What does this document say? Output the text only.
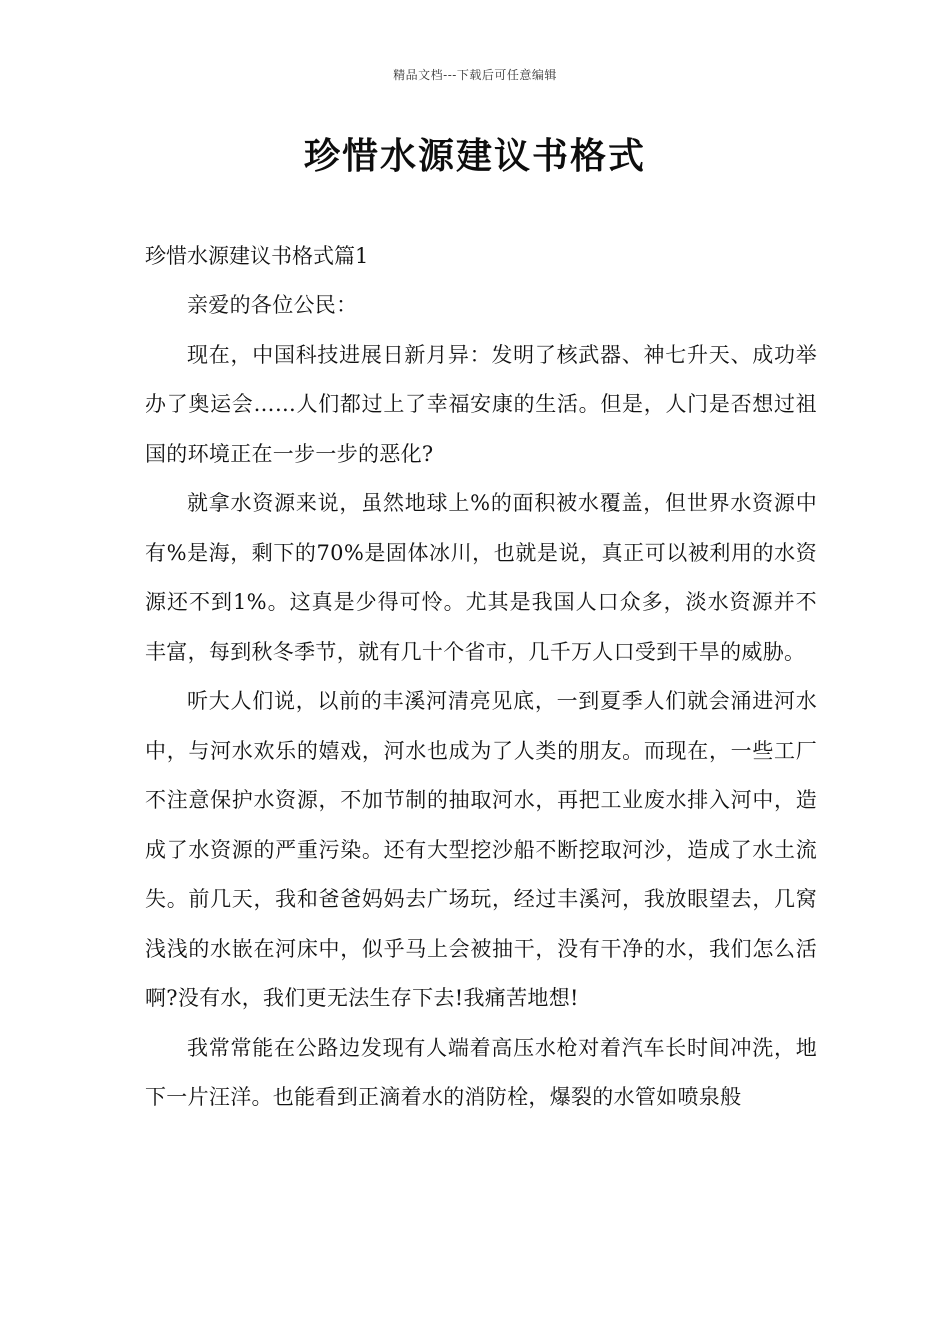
精品文档---下载后可任意编辑
珍惜水源建议书格式

珍惜水源建议书格式篇1

亲爱的各位公民：

现在，中国科技进展日新月异：发明了核武器、神七升天、成功举办了奥运会……人们都过上了幸福安康的生活。但是，人门是否想过祖国的环境正在一步一步的恶化?

就拿水资源来说，虽然地球上%的面积被水覆盖，但世界水资源中有%是海，剩下的70%是固体冰川，也就是说，真正可以被利用的水资源还不到1%。这真是少得可怜。尤其是我国人口众多，淡水资源并不丰富，每到秋冬季节，就有几十个省市，几千万人口受到干旱的威胁。

听大人们说，以前的丰溪河清亮见底，一到夏季人们就会涌进河水中，与河水欢乐的嬉戏，河水也成为了人类的朋友。而现在，一些工厂不注意保护水资源，不加节制的抽取河水，再把工业废水排入河中，造成了水资源的严重污染。还有大型挖沙船不断挖取河沙，造成了水土流失。前几天，我和爸爸妈妈去广场玩，经过丰溪河，我放眼望去，几窝浅浅的水嵌在河床中，似乎马上会被抽干，没有干净的水，我们怎么活啊?没有水，我们更无法生存下去!我痛苦地想!

我常常能在公路边发现有人端着高压水枪对着汽车长时间冲洗，地下一片汪洋。也能看到正滴着水的消防栓，爆裂的水管如喷泉般
